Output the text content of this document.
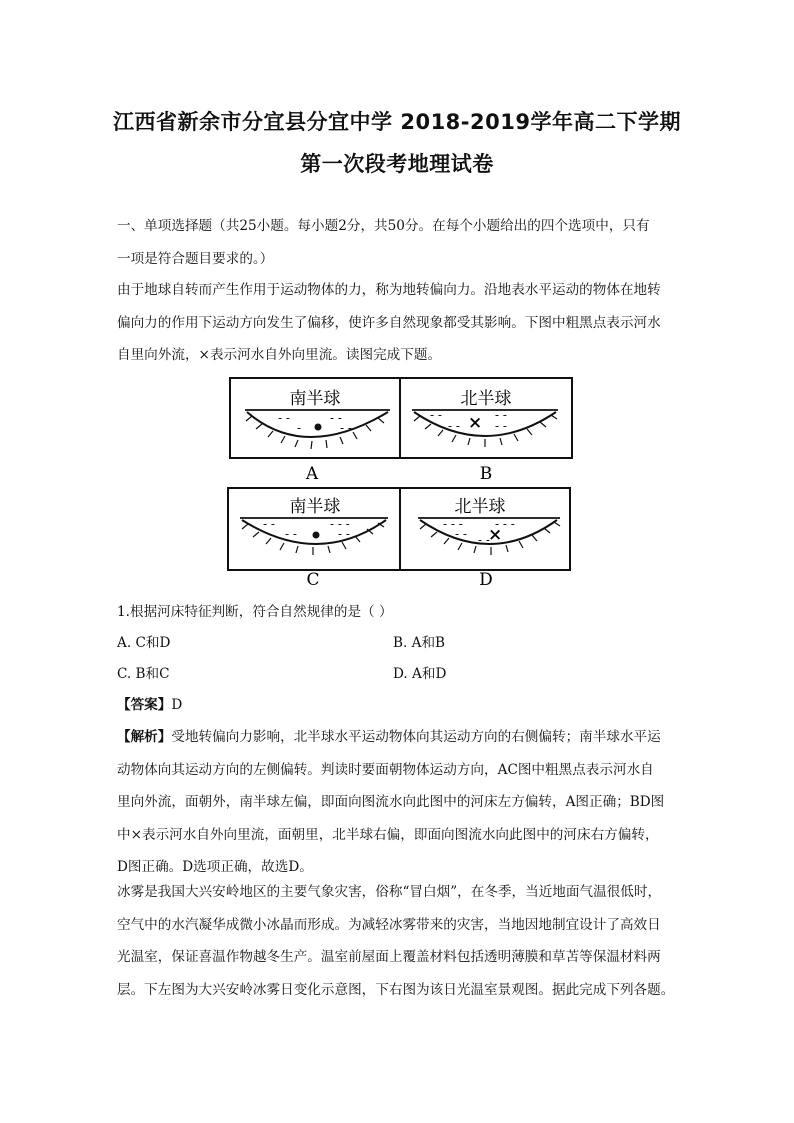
江西省新余市分宜县分宜中学 2018-2019学年高二下学期
第一次段考地理试卷
一、单项选择题（共25小题。每小题2分，共50分。在每个小题给出的四个选项中，只有
一项是符合题目要求的。）
由于地球自转而产生作用于运动物体的力，称为地转偏向力。沿地表水平运动的物体在地转
偏向力的作用下运动方向发生了偏移，使许多自然现象都受其影响。下图中粗黑点表示河水
自里向外流，×表示河水自外向里流。读图完成下题。
南半球
- -	- -
-	- -
A
北半球
- -	- -
- -	- -
×
B
南半球
- -	- - -
- -	- -
C
北半球
- - -	- - -
- - - -
×
D
1.根据河床特征判断，符合自然规律的是（ ）
A. C和D	B. A和B
C. B和C	D. A和D
【答案】D
【解析】受地转偏向力影响，北半球水平运动物体向其运动方向的右侧偏转；南半球水平运
动物体向其运动方向的左侧偏转。判读时要面朝物体运动方向，AC图中粗黑点表示河水自
里向外流，面朝外，南半球左偏，即面向图流水向此图中的河床左方偏转，A图正确；BD图
中×表示河水自外向里流，面朝里，北半球右偏，即面向图流水向此图中的河床右方偏转，
D图正确。D选项正确，故选D。
冰雾是我国大兴安岭地区的主要气象灾害，俗称“冒白烟”，在冬季，当近地面气温很低时，
空气中的水汽凝华成微小冰晶而形成。为减轻冰雾带来的灾害，当地因地制宜设计了高效日
光温室，保证喜温作物越冬生产。温室前屋面上覆盖材料包括透明薄膜和草苫等保温材料两
层。下左图为大兴安岭冰雾日变化示意图，下右图为该日光温室景观图。据此完成下列各题。
